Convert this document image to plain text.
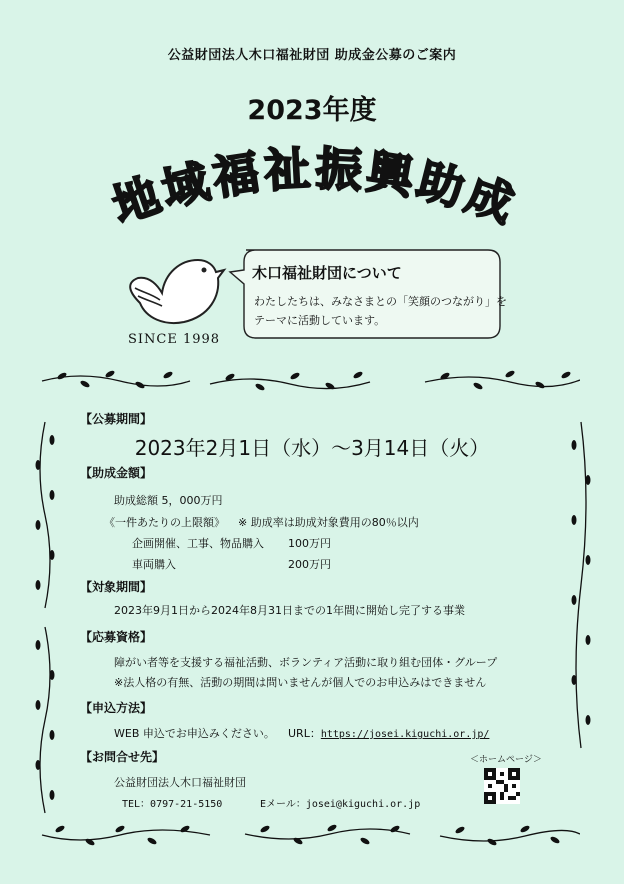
公益財団法人木口福祉財団 助成金公募のご案内
2023年度
地域福祉振興助成
SINCE 1998
木口福祉財団について
わたしたちは、みなさまとの「笑顔のつながり」を
テーマに活動しています。
【公募期間】
2023年2月1日（水）～3月14日（火）
【助成金額】
助成総額 5，000万円
《一件あたりの上限額》 ※ 助成率は助成対象費用の80％以内
企画開催、工事、物品購入 100万円
車両購入	200万円
【対象期間】
2023年9月1日から2024年8月31日までの1年間に開始し完了する事業
【応募資格】
障がい者等を支援する福祉活動、ボランティア活動に取り組む団体・グループ
※法人格の有無、活動の期間は問いませんが個人でのお申込みはできません
【申込方法】
WEB 申込でお申込みください。 URL：https://josei.kiguchi.or.jp/
【お問合せ先】
公益財団法人木口福祉財団
TEL：0797-21-5150	Eメール：josei@kiguchi.or.jp
＜ホームページ＞
